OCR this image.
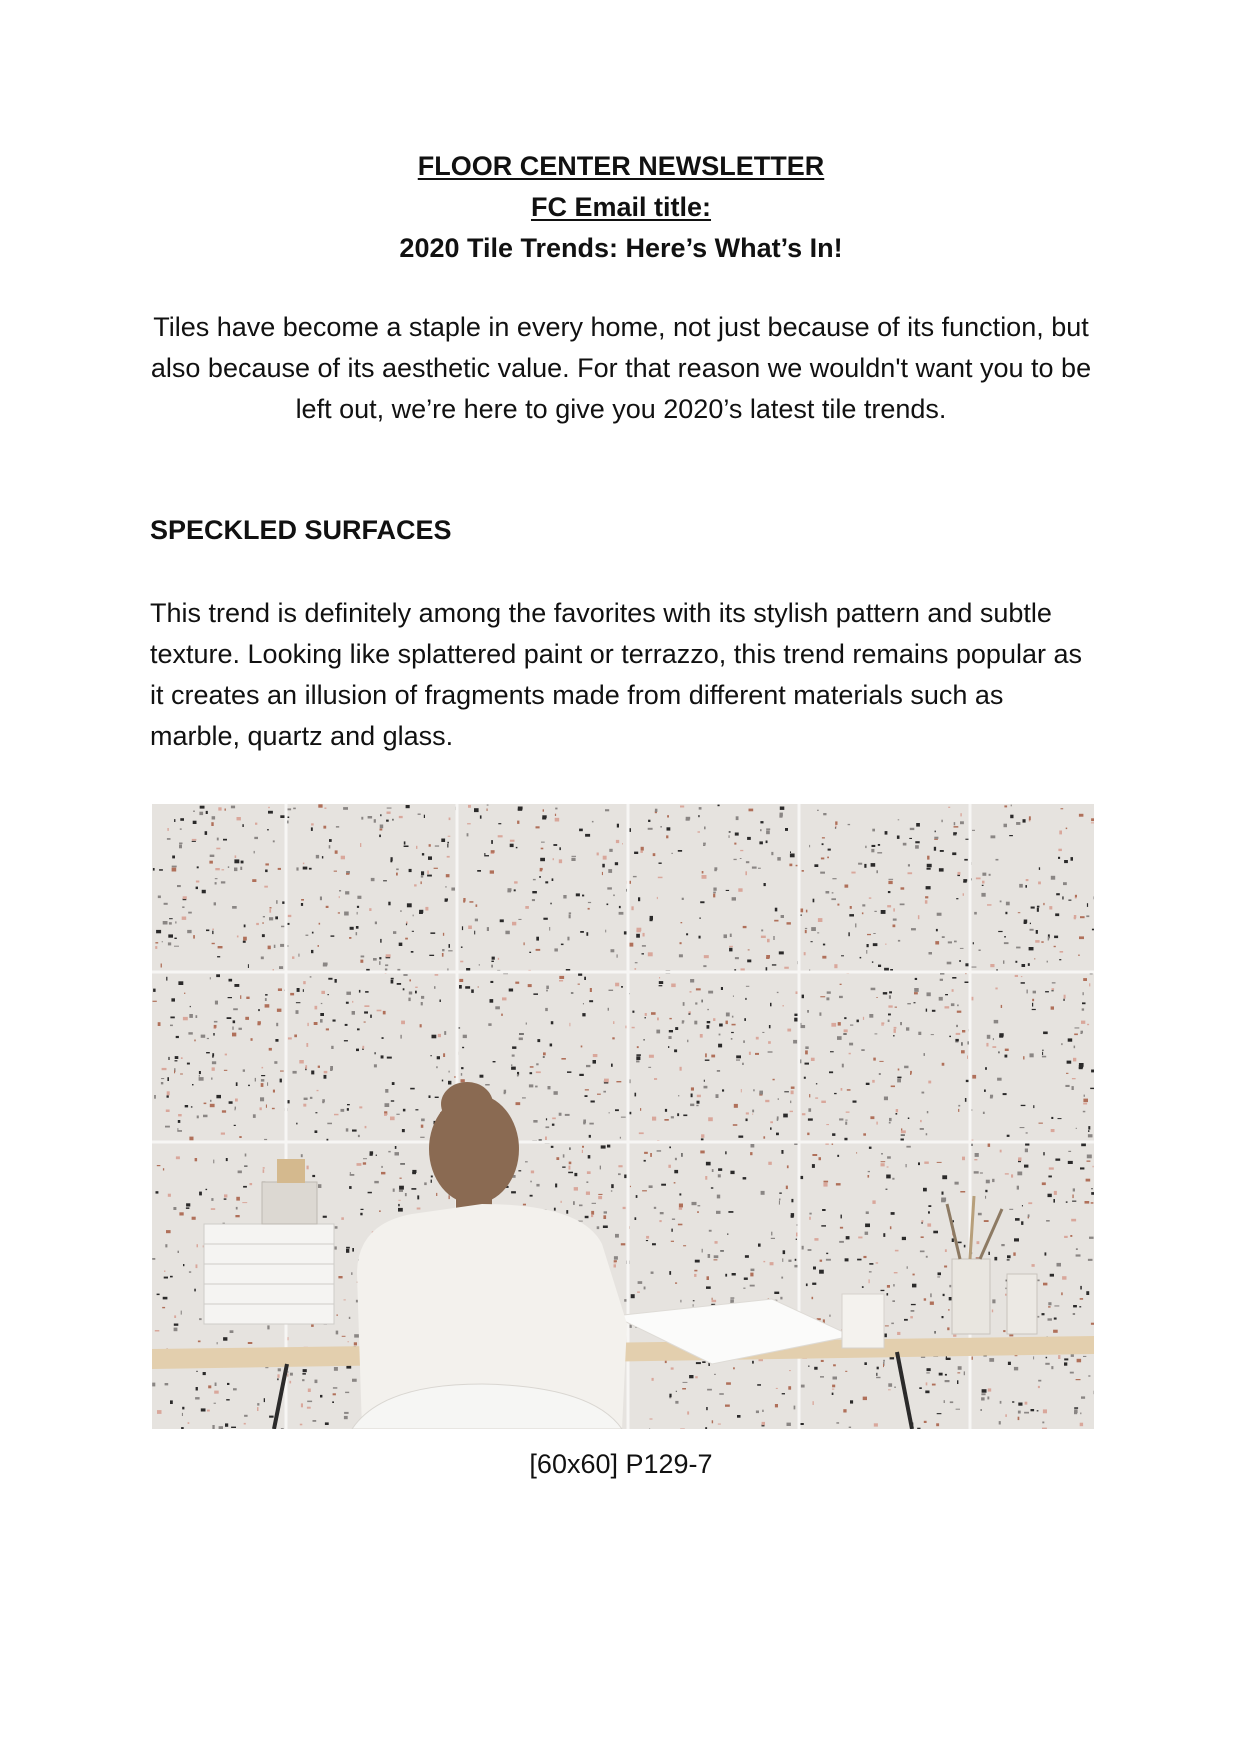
FLOOR CENTER NEWSLETTER
FC Email title:
2020 Tile Trends: Here’s What’s In!
Tiles have become a staple in every home, not just because of its function, but also because of its aesthetic value. For that reason we wouldn't want you to be left out, we’re here to give you 2020’s latest tile trends.
SPECKLED SURFACES
This trend is definitely among the favorites with its stylish pattern and subtle texture. Looking like splattered paint or terrazzo, this trend remains popular as it creates an illusion of fragments made from different materials such as marble, quartz and glass.
[60x60] P129-7
